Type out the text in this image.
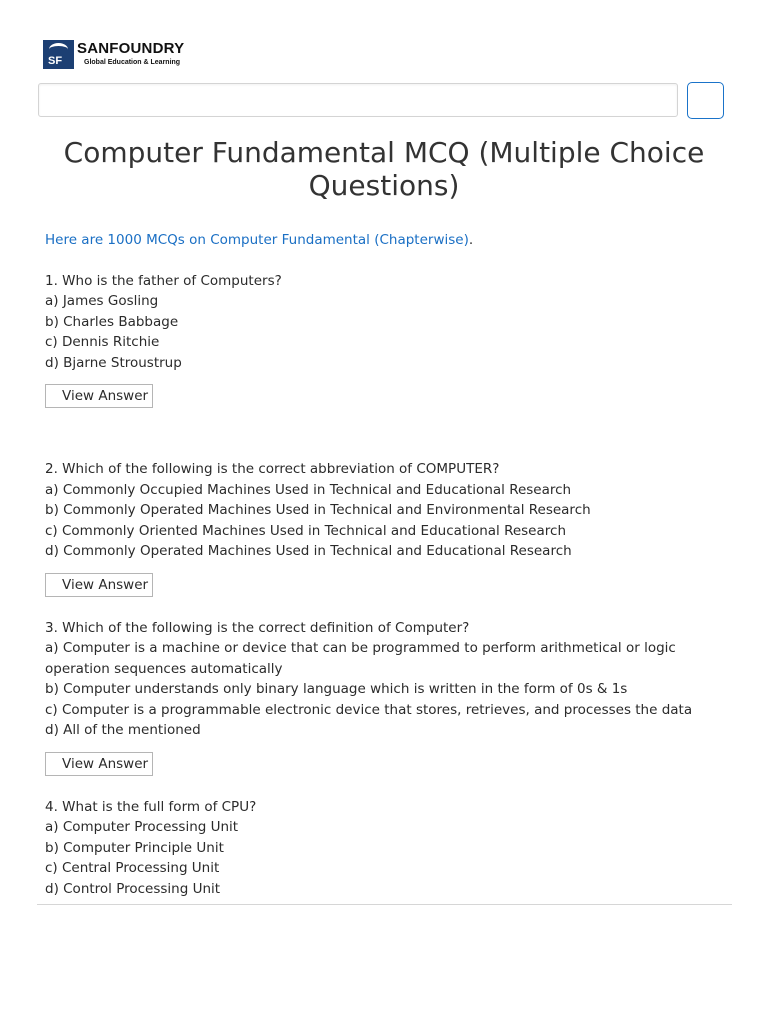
SF
SANFOUNDRY
Global Education & Learning
Computer Fundamental MCQ (Multiple Choice Questions)

Here are 1000 MCQs on Computer Fundamental (Chapterwise).

1. Who is the father of Computers?

a) James Gosling

b) Charles Babbage

c) Dennis Ritchie

d) Bjarne Stroustrup

View Answer

2. Which of the following is the correct abbreviation of COMPUTER?

a) Commonly Occupied Machines Used in Technical and Educational Research

b) Commonly Operated Machines Used in Technical and Environmental Research

c) Commonly Oriented Machines Used in Technical and Educational Research

d) Commonly Operated Machines Used in Technical and Educational Research

View Answer

3. Which of the following is the correct definition of Computer?

a) Computer is a machine or device that can be programmed to perform arithmetical or logic operation sequences automatically

b) Computer understands only binary language which is written in the form of 0s & 1s

c) Computer is a programmable electronic device that stores, retrieves, and processes the data

d) All of the mentioned

View Answer

4. What is the full form of CPU?

a) Computer Processing Unit

b) Computer Principle Unit

c) Central Processing Unit

d) Control Processing Unit
